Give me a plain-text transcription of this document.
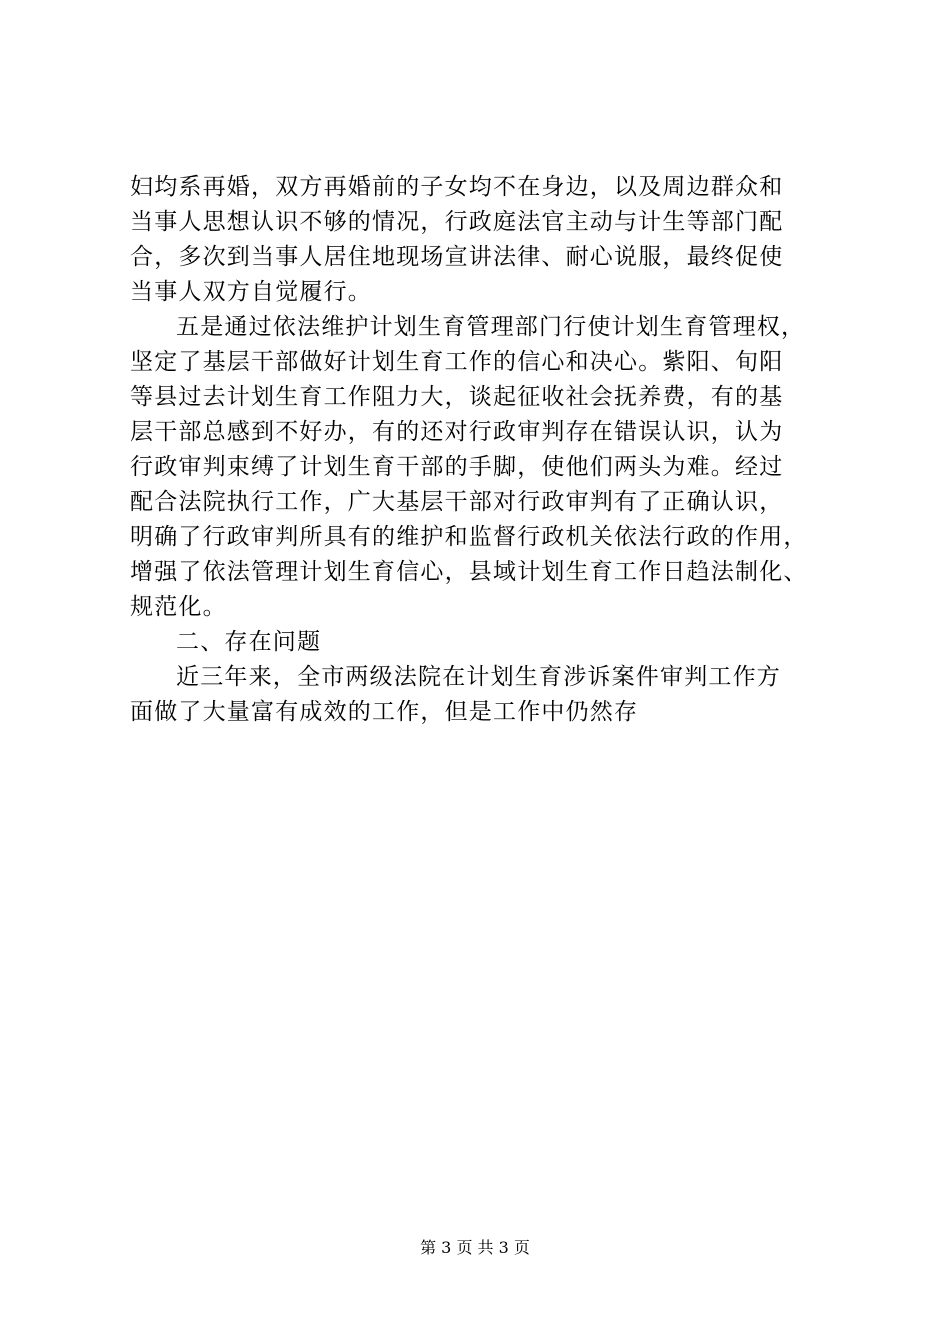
妇均系再婚，双方再婚前的子女均不在身边，以及周边群众和
当事人思想认识不够的情况，行政庭法官主动与计生等部门配
合，多次到当事人居住地现场宣讲法律、耐心说服，最终促使
当事人双方自觉履行。
五是通过依法维护计划生育管理部门行使计划生育管理权，
坚定了基层干部做好计划生育工作的信心和决心。紫阳、旬阳
等县过去计划生育工作阻力大，谈起征收社会抚养费，有的基
层干部总感到不好办，有的还对行政审判存在错误认识，认为
行政审判束缚了计划生育干部的手脚，使他们两头为难。经过
配合法院执行工作，广大基层干部对行政审判有了正确认识，
明确了行政审判所具有的维护和监督行政机关依法行政的作用，
增强了依法管理计划生育信心，县域计划生育工作日趋法制化、
规范化。
二、存在问题
近三年来，全市两级法院在计划生育涉诉案件审判工作方
面做了大量富有成效的工作，但是工作中仍然存
第 3 页 共 3 页
